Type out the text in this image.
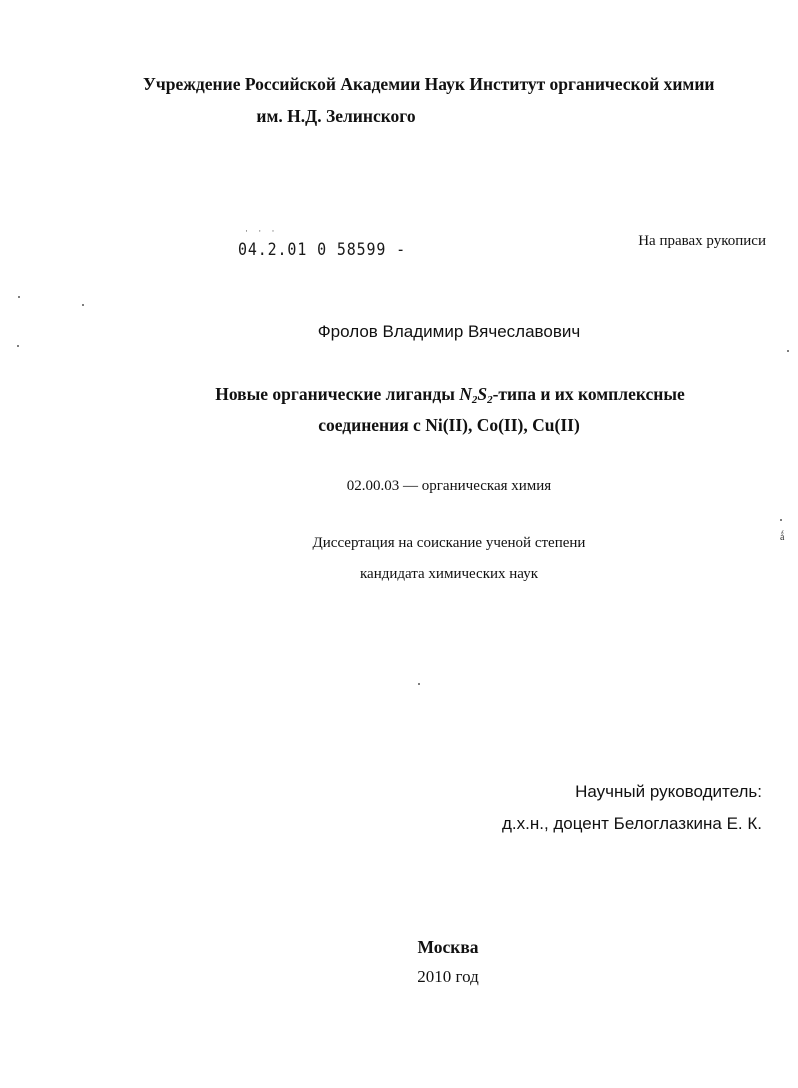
Учреждение Российской Академии Наук Институт органической химии
им. Н.Д. Зелинского
· · ·
04.2.01 0 58599 -	На правах рукописи
Фролов Владимир Вячеславович
Новые органические лиганды $N_2S_2$-типа и их комплексные
соединения с Ni(II), Co(II), Cu(II)
02.00.03 — органическая химия
Диссертация на соискание ученой степени
кандидата химических наук
Научный руководитель:
д.х.н., доцент Белоглазкина Е. К.
Москва
2010 год
ǻ
